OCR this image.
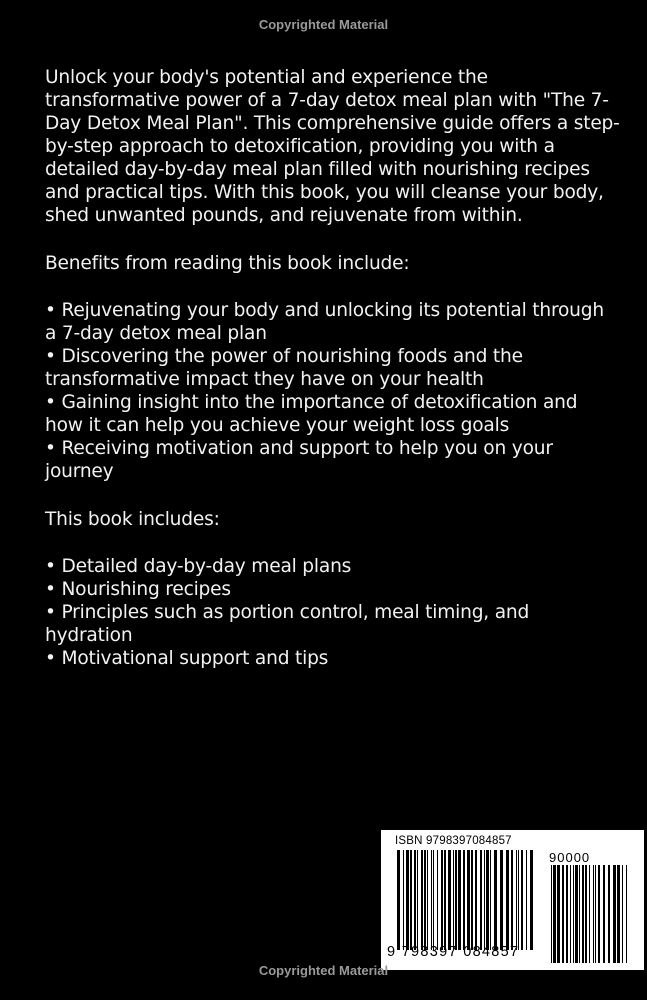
Copyrighted Material

Unlock your body's potential and experience the transformative power of a 7-day detox meal plan with "The 7-Day Detox Meal Plan". This comprehensive guide offers a step-by-step approach to detoxification, providing you with a detailed day-by-day meal plan filled with nourishing recipes and practical tips. With this book, you will cleanse your body, shed unwanted pounds, and rejuvenate from within.

Benefits from reading this book include:

• Rejuvenating your body and unlocking its potential through a 7-day detox meal plan
• Discovering the power of nourishing foods and the transformative impact they have on your health
• Gaining insight into the importance of detoxification and how it can help you achieve your weight loss goals
• Receiving motivation and support to help you on your journey

This book includes:

• Detailed day-by-day meal plans
• Nourishing recipes
• Principles such as portion control, meal timing, and hydration
• Motivational support and tips
ISBN 9798397084857
90000
9 798397 084857
Copyrighted Material
